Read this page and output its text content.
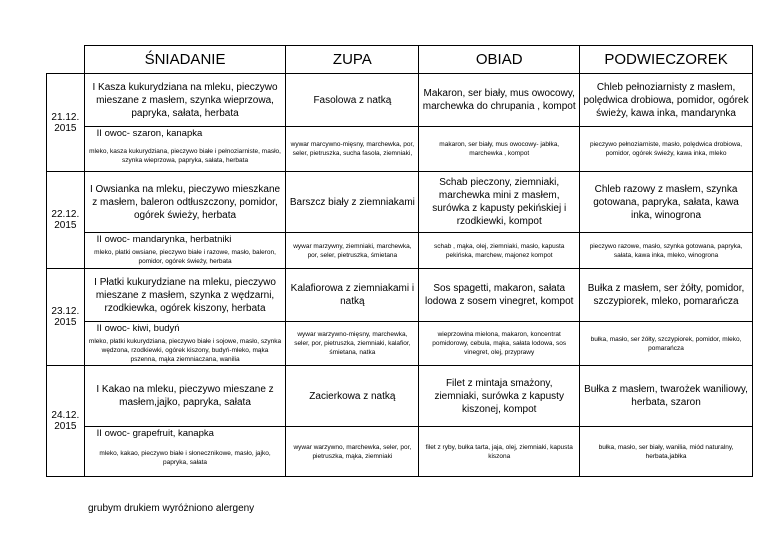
	ŚNIADANIE	ZUPA	OBIAD	PODWIECZOREK
21.12.
2015	I Kasza kukurydziana na mleku, pieczywo mieszane z masłem, szynka wieprzowa, papryka, sałata, herbata	Fasolowa z natką	Makaron, ser biały, mus owocowy, marchewka do chrupania , kompot	Chleb pełnoziarnisty z masłem, polędwica drobiowa, pomidor, ogórek świeży, kawa inka, mandarynka
	II owoc- szaron, kanapka	wywar marcywno-mięsny, marchewka, por, seler, pietruszka, sucha fasola, ziemniaki,	makaron, ser biały, mus owocowy- jabłka, marchewka , kompot	pieczywo pełnoziarniste, masło, polędwica drobiowa, pomidor, ogórek świeży, kawa inka, mleko
	mleko, kasza kukurydziana, pieczywo białe i pełnoziarniste, masło, szynka wieprzowa, papryka, sałata, herbata			
22.12.
2015	I Owsianka na mleku, pieczywo mieszkane z masłem, baleron odtłuszczony, pomidor, ogórek świeży, herbata	Barszcz biały z ziemniakami	Schab pieczony, ziemniaki, marchewka mini z masłem, surówka z kapusty pekińskiej i rzodkiewki, kompot	Chleb razowy z masłem, szynka gotowana, papryka, sałata, kawa inka, winogrona
	II owoc- mandarynka, herbatniki	wywar marzywny, ziemniaki, marchewka, por, seler, pietruszka, śmietana	schab , mąka, olej, ziemniaki, masło, kapusta pekińska, marchew, majonez kompot	pieczywo razowe, masło, szynka gotowana, papryka, sałata, kawa inka, mleko, winogrona
	mleko, płatki owsiane, pieczywo białe i razowe, masło, baleron, pomidor, ogórek świeży, herbata			
23.12.
2015	I Płatki kukurydziane na mleku, pieczywo mieszane z masłem, szynka z wędzarni, rzodkiewka, ogórek kiszony, herbata	Kalafiorowa z ziemniakami i natką	Sos spagetti, makaron, sałata lodowa z sosem vinegret, kompot	Bułka z masłem, ser żółty, pomidor, szczypiorek, mleko, pomarańcza
	II owoc- kiwi, budyń	wywar warzywno-mięsny, marchewka, seler, por, pietruszka, ziemniaki, kalafior, śmietana, natka	wieprzowina mielona, makaron, koncentrat pomidorowy, cebula, mąka, sałata lodowa, sos vinegret, olej, przyprawy	bułka, masło, ser żółty, szczypiorek, pomidor, mleko, pomarańcza
	mleko, płatki kukurydziana, pieczywo białe i sojowe, masło, szynka wędzona, rzodkiewki, ogórek kiszony, budyń-mleko, mąka pszenna, mąka ziemniaczana, wanilia			
24.12.
2015	I Kakao na mleku, pieczywo mieszane z masłem,jajko, papryka, sałata	Zacierkowa z natką	Filet z mintaja smażony, ziemniaki, surówka z kapusty kiszonej, kompot	Bułka z masłem, twarożek waniliowy, herbata, szaron
	II owoc- grapefruit, kanapka	wywar warzywno, marchewka, seler, por, pietruszka, mąka, ziemniaki	filet z ryby, bułka tarta, jaja, olej, ziemniaki, kapusta kiszona	bułka, masło, ser biały, wanilia, miód naturalny, herbata,jabłka
	mleko, kakao, pieczywo białe i słonecznikowe, masło, jajko, papryka, sałata			
grubym drukiem wyróżniono alergeny
